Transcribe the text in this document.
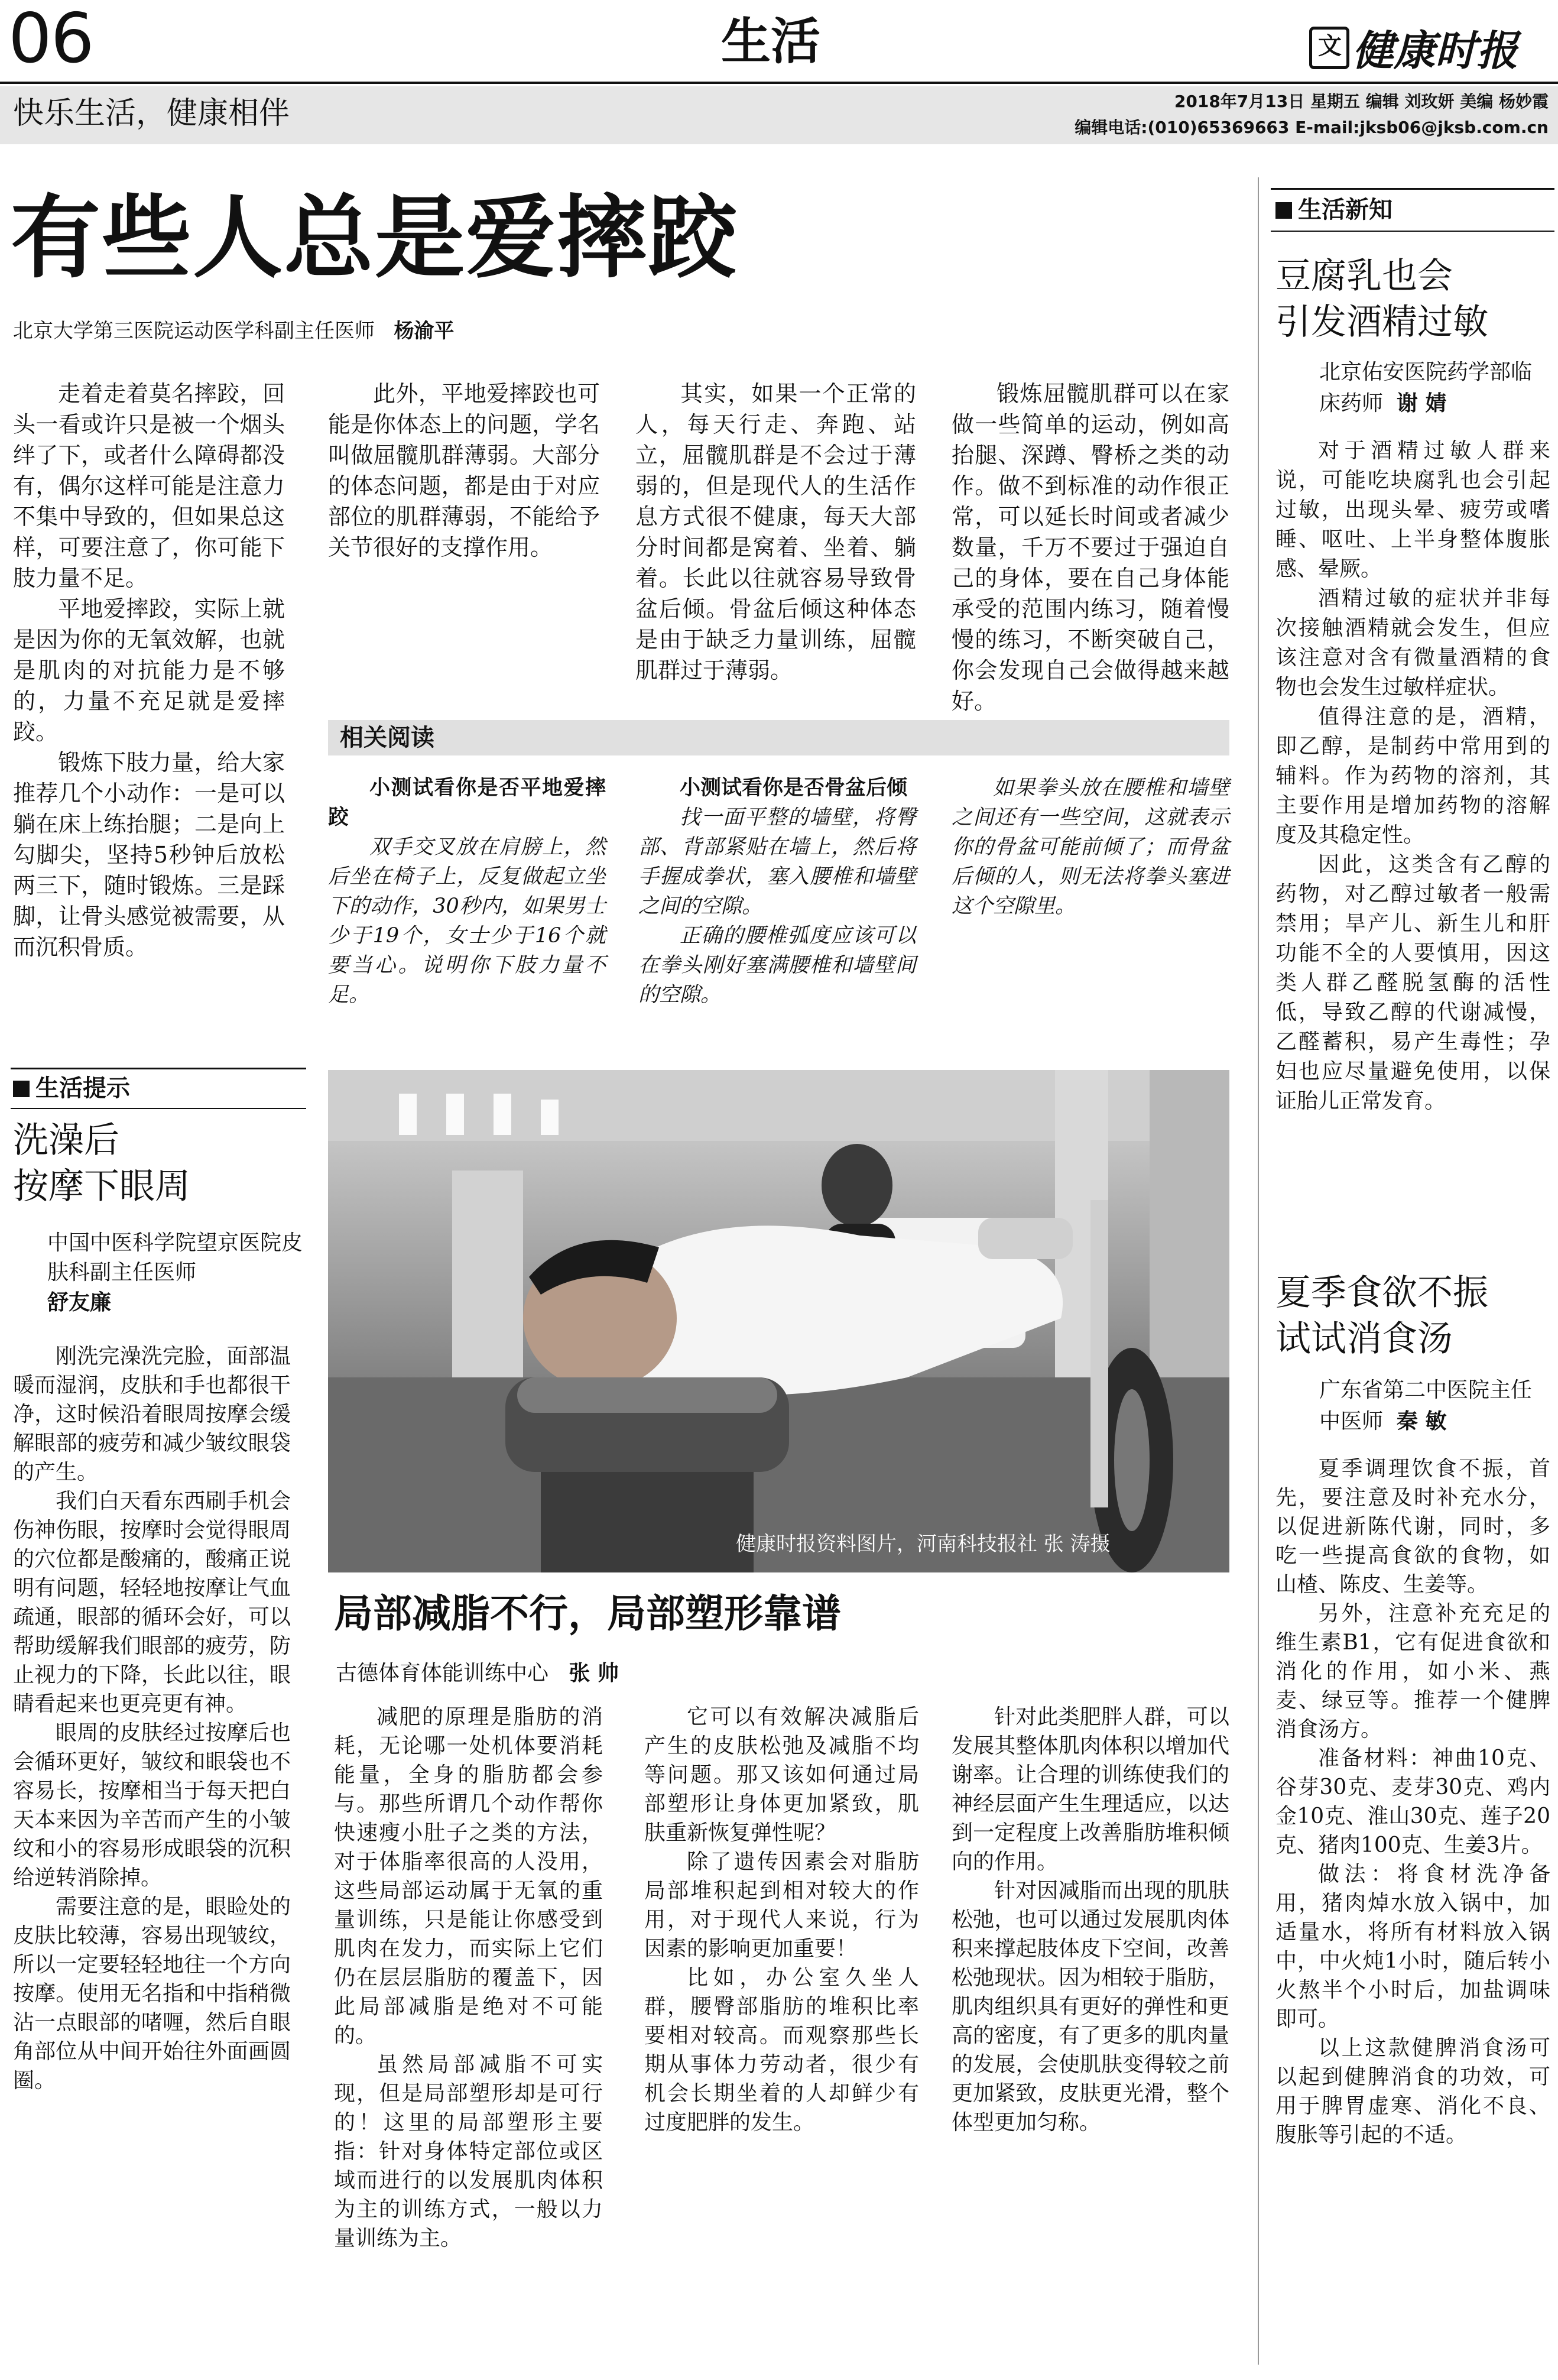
06	生活	文 健康时报
快乐生活，健康相伴	2018年7月13日 星期五 编辑 刘玫妍 美编 杨妙霞
编辑电话:(010)65369663 E-mail:jksb06@jksb.com.cn
有些人总是爱摔跤
北京大学第三医院运动医学科副主任医师 杨渝平

走着走着莫名摔跤，回头一看或许只是被一个烟头绊了下，或者什么障碍都没有，偶尔这样可能是注意力不集中导致的，但如果总这样，可要注意了，你可能下肢力量不足。

平地爱摔跤，实际上就是因为你的无氧效解，也就是肌肉的对抗能力是不够的，力量不充足就是爱摔跤。

锻炼下肢力量，给大家推荐几个小动作：一是可以躺在床上练抬腿；二是向上勾脚尖，坚持5秒钟后放松两三下，随时锻炼。三是踩脚，让骨头感觉被需要，从而沉积骨质。

此外，平地爱摔跤也可能是你体态上的问题，学名叫做屈髋肌群薄弱。大部分的体态问题，都是由于对应部位的肌群薄弱，不能给予关节很好的支撑作用。

其实，如果一个正常的人，每天行走、奔跑、站立，屈髋肌群是不会过于薄弱的，但是现代人的生活作息方式很不健康，每天大部分时间都是窝着、坐着、躺着。长此以往就容易导致骨盆后倾。骨盆后倾这种体态是由于缺乏力量训练，屈髋肌群过于薄弱。

锻炼屈髋肌群可以在家做一些简单的运动，例如高抬腿、深蹲、臀桥之类的动作。做不到标准的动作很正常，可以延长时间或者减少数量，千万不要过于强迫自己的身体，要在自己身体能承受的范围内练习，随着慢慢的练习，不断突破自己，你会发现自己会做得越来越好。

相关阅读

小测试看你是否平地爱摔跤

双手交叉放在肩膀上，然后坐在椅子上，反复做起立坐下的动作，30秒内，如果男士少于19个，女士少于16个就要当心。说明你下肢力量不足。

小测试看你是否骨盆后倾

找一面平整的墙壁，将臀部、背部紧贴在墙上，然后将手握成拳状，塞入腰椎和墙壁之间的空隙。

正确的腰椎弧度应该可以在拳头刚好塞满腰椎和墙壁间的空隙。

如果拳头放在腰椎和墙壁之间还有一些空间，这就表示你的骨盆可能前倾了；而骨盆后倾的人，则无法将拳头塞进这个空隙里。

生活提示
洗澡后
按摩下眼周
中国中医科学院望京医院皮肤科副主任医师
舒友廉

刚洗完澡洗完脸，面部温暖而湿润，皮肤和手也都很干净，这时候沿着眼周按摩会缓解眼部的疲劳和减少皱纹眼袋的产生。

我们白天看东西刷手机会伤神伤眼，按摩时会觉得眼周的穴位都是酸痛的，酸痛正说明有问题，轻轻地按摩让气血疏通，眼部的循环会好，可以帮助缓解我们眼部的疲劳，防止视力的下降，长此以往，眼睛看起来也更亮更有神。

眼周的皮肤经过按摩后也会循环更好，皱纹和眼袋也不容易长，按摩相当于每天把白天本来因为辛苦而产生的小皱纹和小的容易形成眼袋的沉积给逆转消除掉。

需要注意的是，眼睑处的皮肤比较薄，容易出现皱纹，所以一定要轻轻地往一个方向按摩。使用无名指和中指稍微沾一点眼部的啫喱，然后自眼角部位从中间开始往外面画圆圈。

健康时报资料图片，河南科技报社 张 涛摄
局部减脂不行，局部塑形靠谱
古德体育体能训练中心 张 帅

减肥的原理是脂肪的消耗，无论哪一处机体要消耗能量，全身的脂肪都会参与。那些所谓几个动作帮你快速瘦小肚子之类的方法，对于体脂率很高的人没用，这些局部运动属于无氧的重量训练，只是能让你感受到肌肉在发力，而实际上它们仍在层层脂肪的覆盖下，因此局部减脂是绝对不可能的。

虽然局部减脂不可实现，但是局部塑形却是可行的！这里的局部塑形主要指：针对身体特定部位或区域而进行的以发展肌肉体积为主的训练方式，一般以力量训练为主。

它可以有效解决减脂后产生的皮肤松弛及减脂不均等问题。那又该如何通过局部塑形让身体更加紧致，肌肤重新恢复弹性呢？

除了遗传因素会对脂肪局部堆积起到相对较大的作用，对于现代人来说，行为因素的影响更加重要！

比如，办公室久坐人群，腰臀部脂肪的堆积比率要相对较高。而观察那些长期从事体力劳动者，很少有机会长期坐着的人却鲜少有过度肥胖的发生。

针对此类肥胖人群，可以发展其整体肌肉体积以增加代谢率。让合理的训练使我们的神经层面产生生理适应，以达到一定程度上改善脂肪堆积倾向的作用。

针对因减脂而出现的肌肤松弛，也可以通过发展肌肉体积来撑起肢体皮下空间，改善松弛现状。因为相较于脂肪，肌肉组织具有更好的弹性和更高的密度，有了更多的肌肉量的发展，会使肌肤变得较之前更加紧致，皮肤更光滑，整个体型更加匀称。

生活新知
豆腐乳也会
引发酒精过敏
北京佑安医院药学部临床药师 谢 婧

对于酒精过敏人群来说，可能吃块腐乳也会引起过敏，出现头晕、疲劳或嗜睡、呕吐、上半身整体腹胀感、晕厥。

酒精过敏的症状并非每次接触酒精就会发生，但应该注意对含有微量酒精的食物也会发生过敏样症状。

值得注意的是，酒精，即乙醇，是制药中常用到的辅料。作为药物的溶剂，其主要作用是增加药物的溶解度及其稳定性。

因此，这类含有乙醇的药物，对乙醇过敏者一般需禁用；旱产儿、新生儿和肝功能不全的人要慎用，因这类人群乙醛脱氢酶的活性低，导致乙醇的代谢减慢，乙醛蓄积，易产生毒性；孕妇也应尽量避免使用，以保证胎儿正常发育。

夏季食欲不振
试试消食汤
广东省第二中医院主任中医师 秦 敏

夏季调理饮食不振，首先，要注意及时补充水分，以促进新陈代谢，同时，多吃一些提高食欲的食物，如山楂、陈皮、生姜等。

另外，注意补充充足的维生素B1，它有促进食欲和消化的作用，如小米、燕麦、绿豆等。推荐一个健脾消食汤方。

准备材料：神曲10克、谷芽30克、麦芽30克、鸡内金10克、淮山30克、莲子20克、猪肉100克、生姜3片。

做法：将食材洗净备用，猪肉焯水放入锅中，加适量水，将所有材料放入锅中，中火炖1小时，随后转小火熬半个小时后，加盐调味即可。

以上这款健脾消食汤可以起到健脾消食的功效，可用于脾胃虚寒、消化不良、腹胀等引起的不适。
